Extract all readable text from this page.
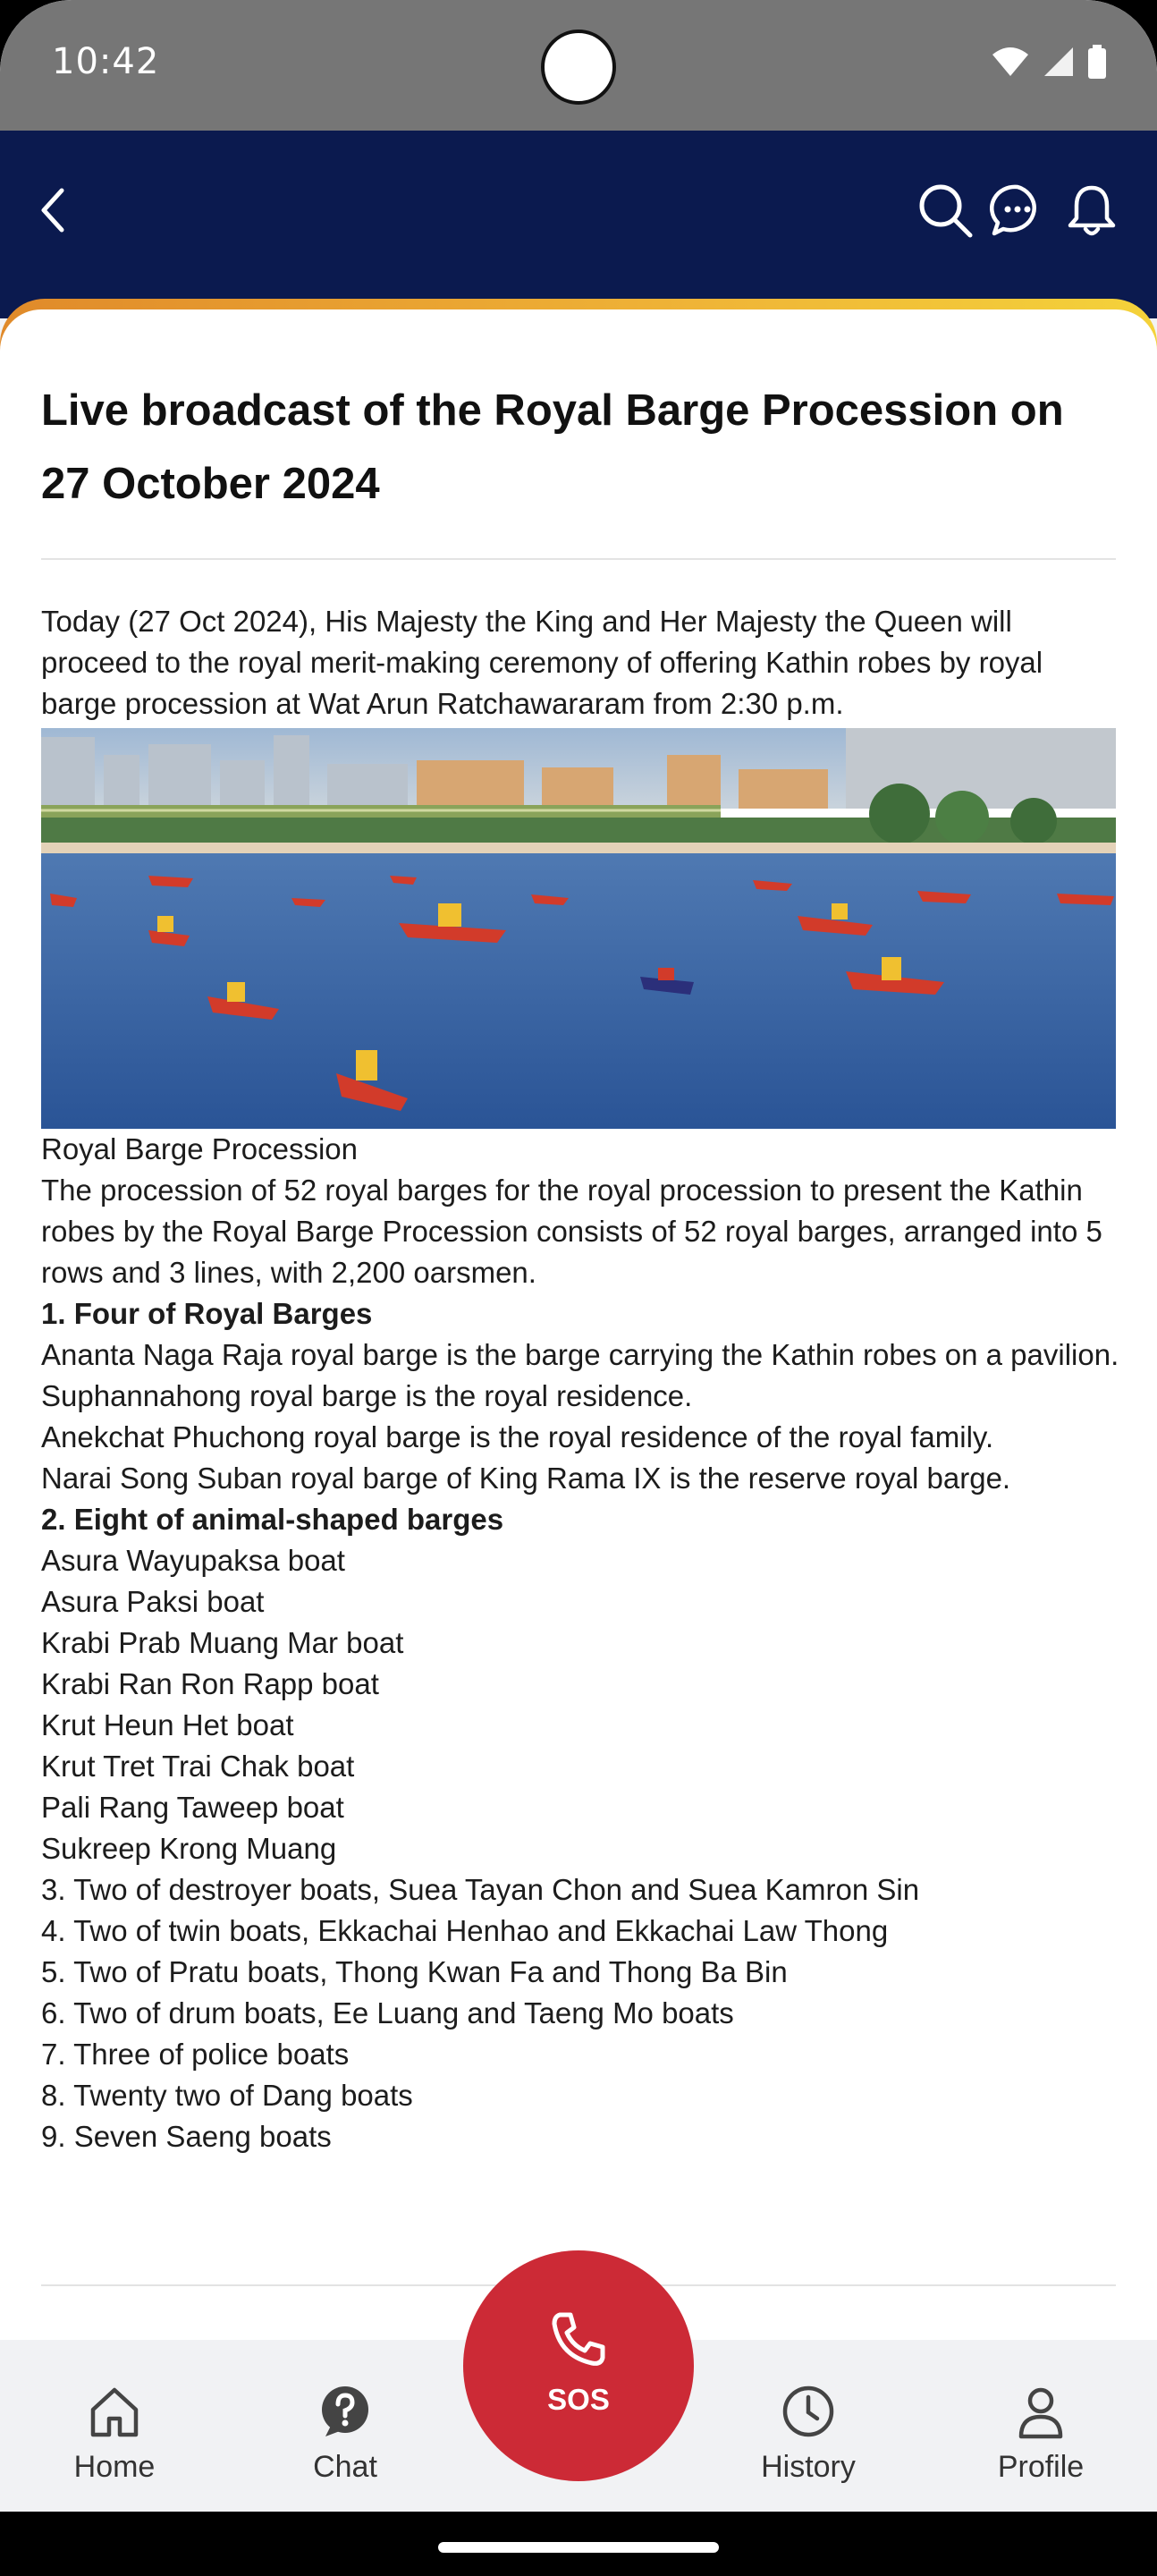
10:42
Live broadcast of the Royal Barge Procession on 27 October 2024

Today (27 Oct 2024), His Majesty the King and Her Majesty the Queen will proceed to the royal merit-making ceremony of offering Kathin robes by royal barge procession at Wat Arun Ratchawararam from 2:30 p.m.

Royal Barge Procession
The procession of 52 royal barges for the royal procession to present the Kathin robes by the Royal Barge Procession consists of 52 royal barges, arranged into 5 rows and 3 lines, with 2,200 oarsmen.
1. Four of Royal Barges
Ananta Naga Raja royal barge is the barge carrying the Kathin robes on a pavilion.
Suphannahong royal barge is the royal residence.
Anekchat Phuchong royal barge is the royal residence of the royal family.
Narai Song Suban royal barge of King Rama IX is the reserve royal barge.
2. Eight of animal-shaped barges
Asura Wayupaksa boat
Asura Paksi boat
Krabi Prab Muang Mar boat
Krabi Ran Ron Rapp boat
Krut Heun Het boat
Krut Tret Trai Chak boat
Pali Rang Taweep boat
Sukreep Krong Muang
3. Two of destroyer boats, Suea Tayan Chon and Suea Kamron Sin
4. Two of twin boats, Ekkachai Henhao and Ekkachai Law Thong
5. Two of Pratu boats, Thong Kwan Fa and Thong Ba Bin
6. Two of drum boats, Ee Luang and Taeng Mo boats
7. Three of police boats
8. Twenty two of Dang boats
9. Seven Saeng boats
Home	Chat	History	Profile
SOS
